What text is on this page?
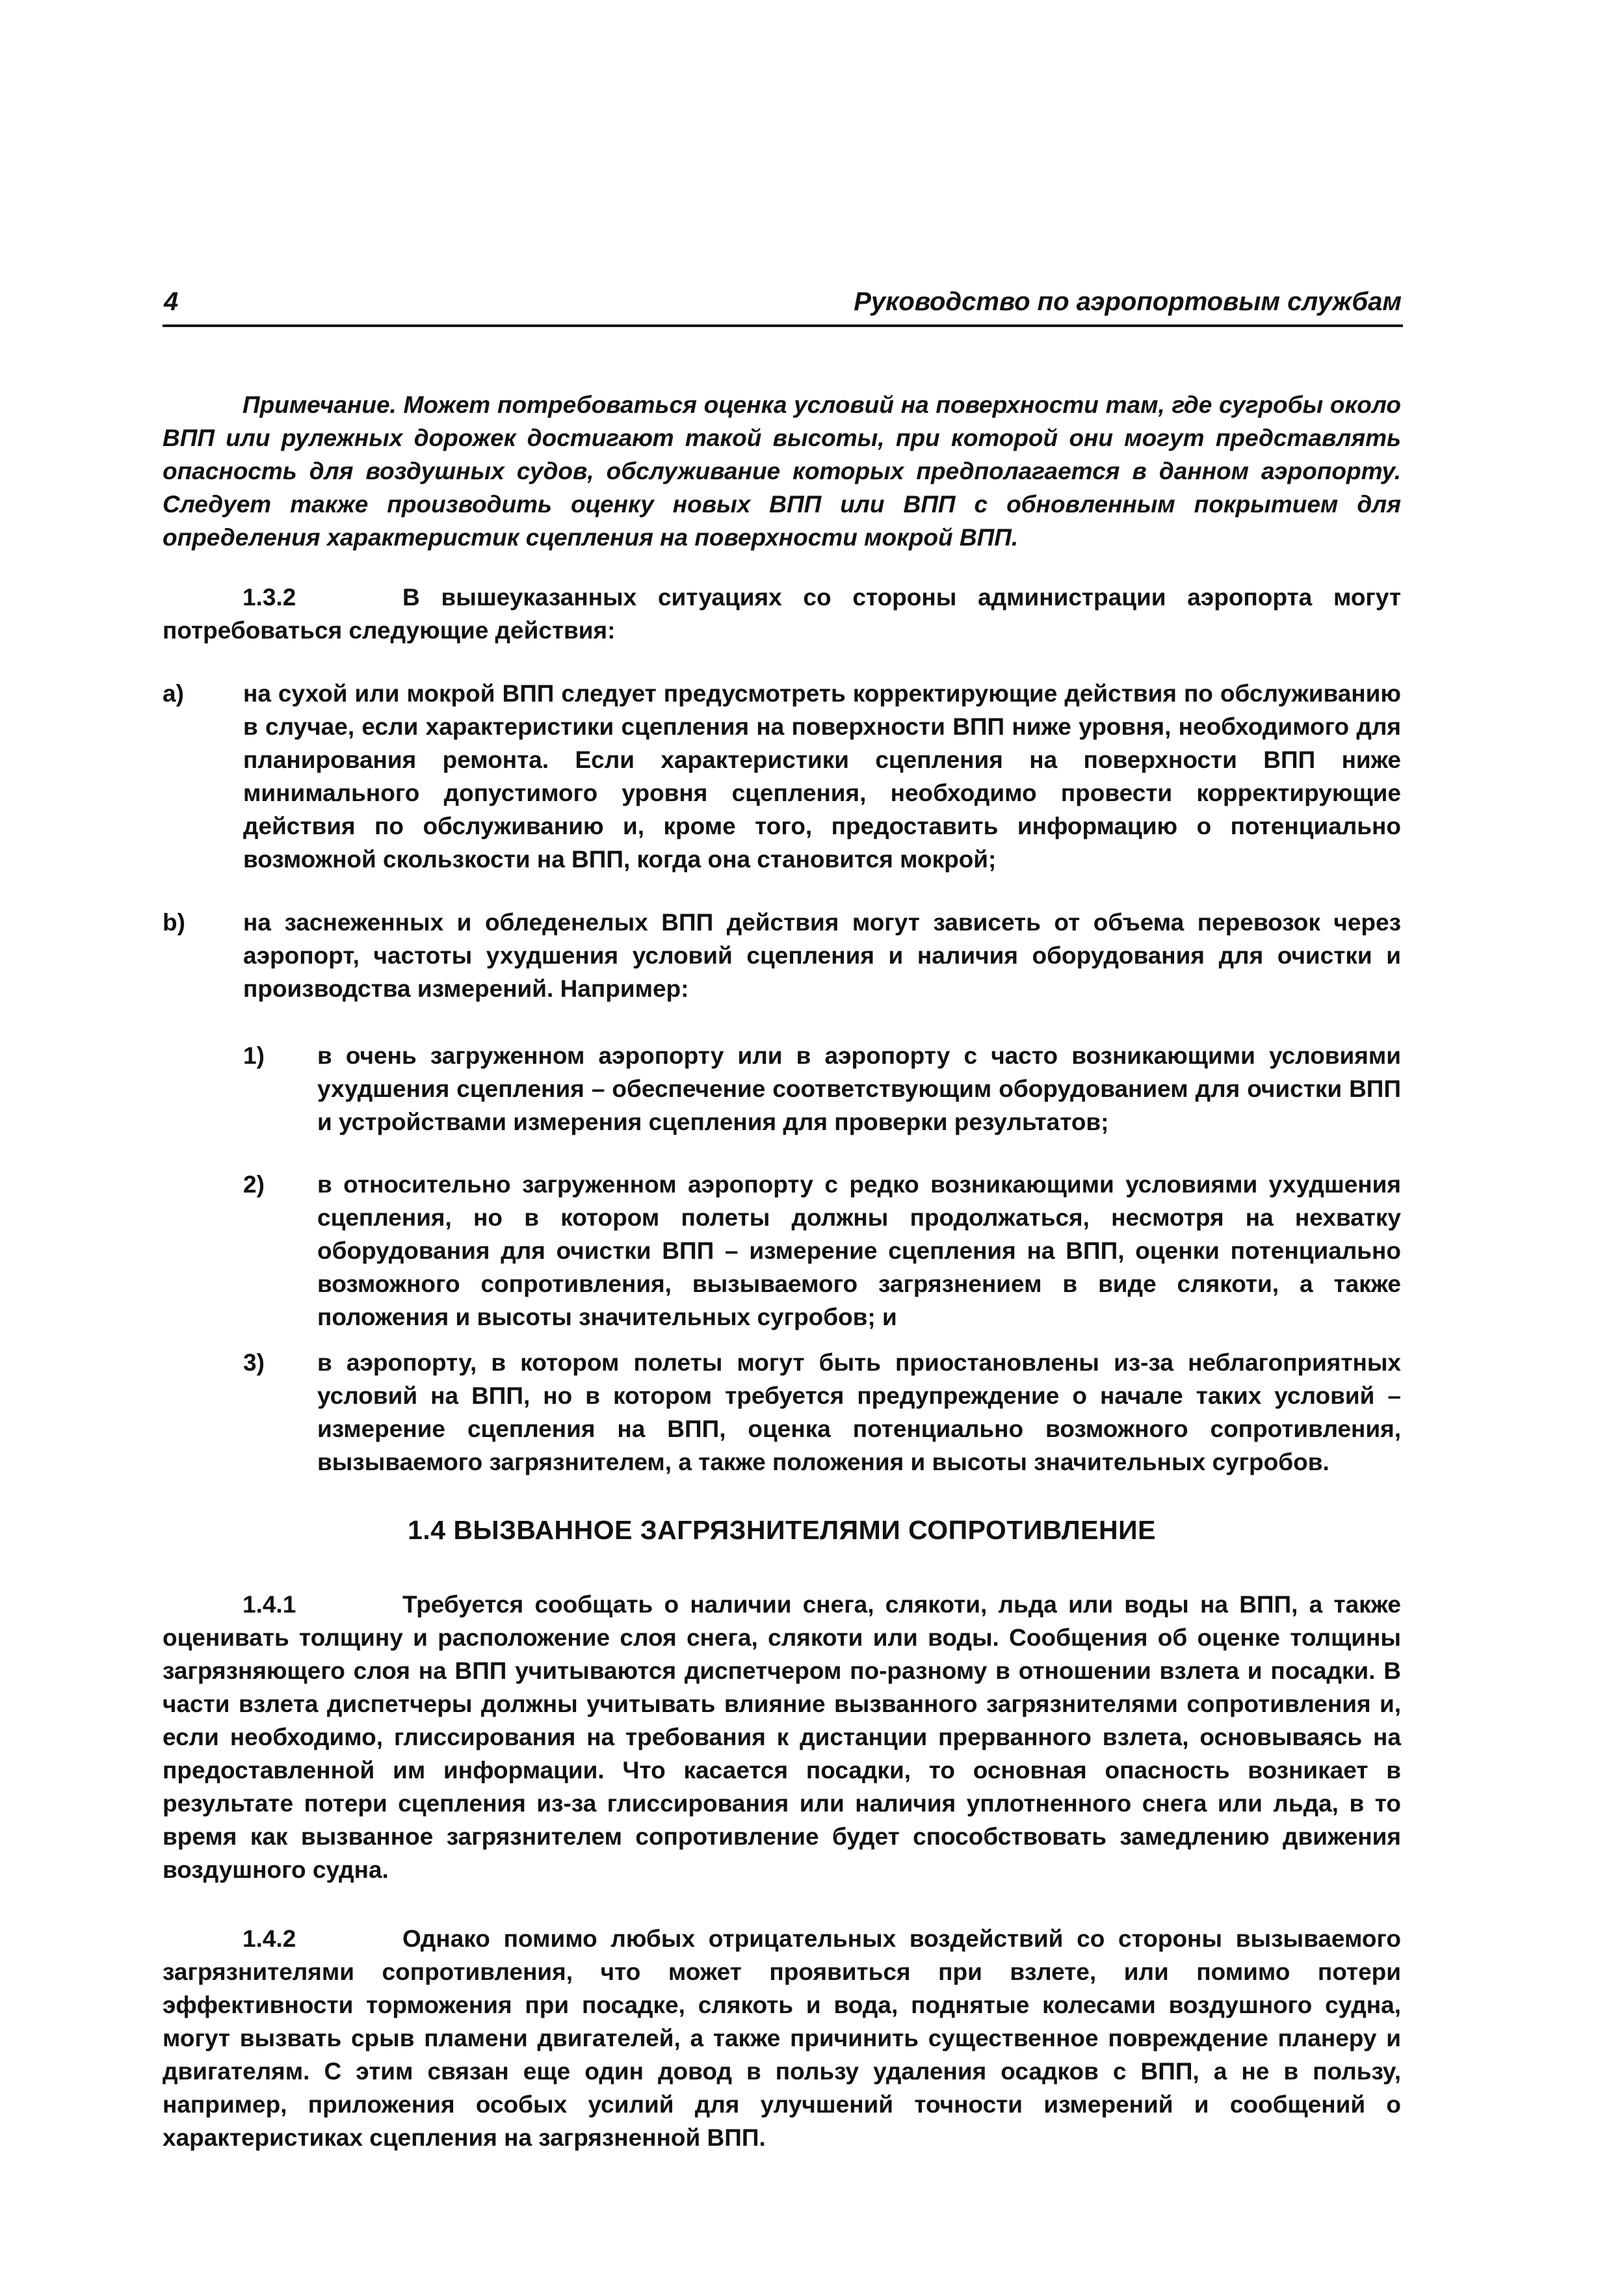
4	Руководство по аэропортовым службам
Примечание. Может потребоваться оценка условий на поверхности там, где сугробы около ВПП или рулежных дорожек достигают такой высоты, при которой они могут представлять опасность для воздушных судов, обслуживание которых предполагается в данном аэропорту. Следует также производить оценку новых ВПП или ВПП с обновленным покрытием для определения характеристик сцепления на поверхности мокрой ВПП.
1.3.2	В вышеуказанных ситуациях со стороны администрации аэропорта могут потребоваться следующие действия:
a) на сухой или мокрой ВПП следует предусмотреть корректирующие действия по обслуживанию в случае, если характеристики сцепления на поверхности ВПП ниже уровня, необходимого для планирования ремонта. Если характеристики сцепления на поверхности ВПП ниже минимального допустимого уровня сцепления, необходимо провести корректирующие действия по обслуживанию и, кроме того, предоставить информацию о потенциально возможной скользкости на ВПП, когда она становится мокрой;
b) на заснеженных и обледенелых ВПП действия могут зависеть от объема перевозок через аэропорт, частоты ухудшения условий сцепления и наличия оборудования для очистки и производства измерений. Например:
1) в очень загруженном аэропорту или в аэропорту с часто возникающими условиями ухудшения сцепления – обеспечение соответствующим оборудованием для очистки ВПП и устройствами измерения сцепления для проверки результатов;
2) в относительно загруженном аэропорту с редко возникающими условиями ухудшения сцепления, но в котором полеты должны продолжаться, несмотря на нехватку оборудования для очистки ВПП – измерение сцепления на ВПП, оценки потенциально возможного сопротивления, вызываемого загрязнением в виде слякоти, а также положения и высоты значительных сугробов; и
3) в аэропорту, в котором полеты могут быть приостановлены из-за неблагоприятных условий на ВПП, но в котором требуется предупреждение о начале таких условий – измерение сцепления на ВПП, оценка потенциально возможного сопротивления, вызываемого загрязнителем, а также положения и высоты значительных сугробов.
1.4 ВЫЗВАННОЕ ЗАГРЯЗНИТЕЛЯМИ СОПРОТИВЛЕНИЕ
1.4.1	Требуется сообщать о наличии снега, слякоти, льда или воды на ВПП, а также оценивать толщину и расположение слоя снега, слякоти или воды. Сообщения об оценке толщины загрязняющего слоя на ВПП учитываются диспетчером по-разному в отношении взлета и посадки. В части взлета диспетчеры должны учитывать влияние вызванного загрязнителями сопротивления и, если необходимо, глиссирования на требования к дистанции прерванного взлета, основываясь на предоставленной им информации. Что касается посадки, то основная опасность возникает в результате потери сцепления из-за глиссирования или наличия уплотненного снега или льда, в то время как вызванное загрязнителем сопротивление будет способствовать замедлению движения воздушного судна.
1.4.2	Однако помимо любых отрицательных воздействий со стороны вызываемого загрязнителями сопротивления, что может проявиться при взлете, или помимо потери эффективности торможения при посадке, слякоть и вода, поднятые колесами воздушного судна, могут вызвать срыв пламени двигателей, а также причинить существенное повреждение планеру и двигателям. С этим связан еще один довод в пользу удаления осадков с ВПП, а не в пользу, например, приложения особых усилий для улучшений точности измерений и сообщений о характеристиках сцепления на загрязненной ВПП.
